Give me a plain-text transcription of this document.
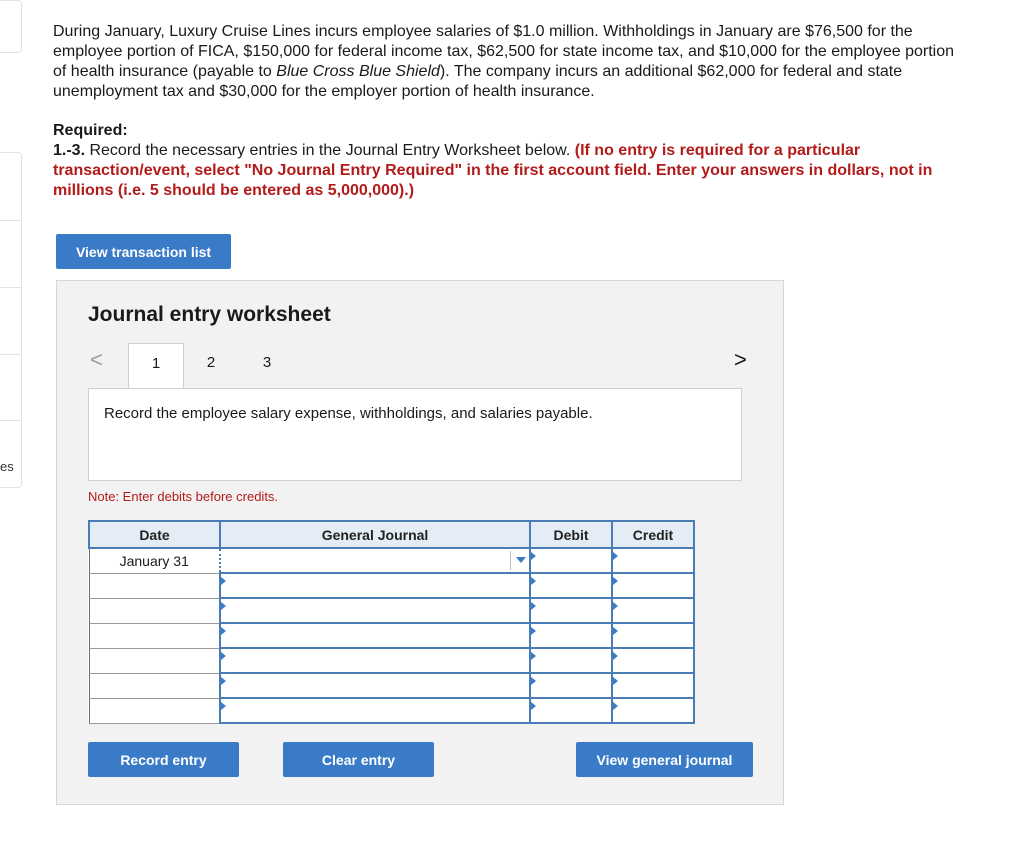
es
During January, Luxury Cruise Lines incurs employee salaries of $1.0 million. Withholdings in January are $76,500 for the employee portion of FICA, $150,000 for federal income tax, $62,500 for state income tax, and $10,000 for the employee portion of health insurance (payable to Blue Cross Blue Shield). The company incurs an additional $62,000 for federal and state unemployment tax and $30,000 for the employer portion of health insurance.
Required:
1.-3. Record the necessary entries in the Journal Entry Worksheet below. (If no entry is required for a particular transaction/event, select "No Journal Entry Required" in the first account field. Enter your answers in dollars, not in millions (i.e. 5 should be entered as 5,000,000).)
View transaction list
Journal entry worksheet
<	1	2	3	>
Record the employee salary expense, withholdings, and salaries payable.
Note: Enter debits before credits.
Date	General Journal	Debit	Credit
January 31	

Record entry	Clear entry	View general journal
